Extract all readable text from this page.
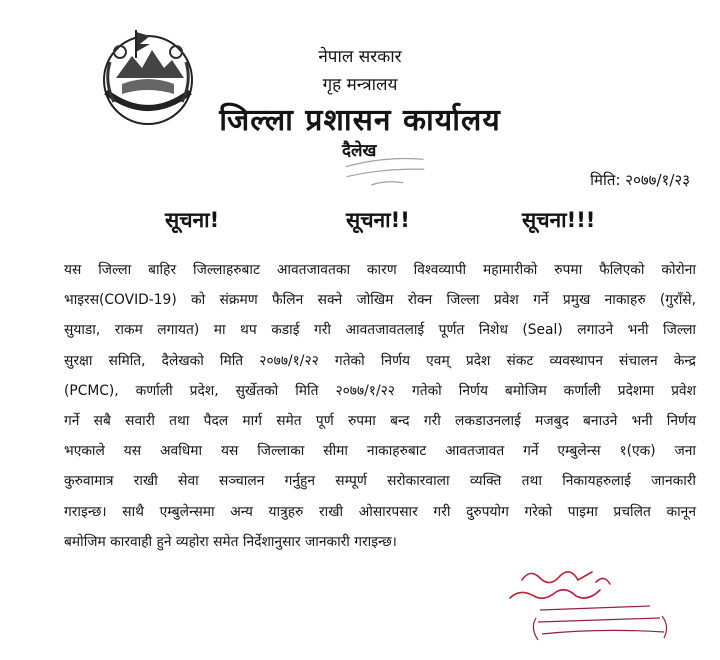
नेपाल सरकार
गृह मन्त्रालय
जिल्ला प्रशासन कार्यालय
दैलेख
मिति: २०७७/१/२३
सूचना!	सूचना!!	सूचना!!!
यस जिल्ला बाहिर जिल्लाहरुबाट आवतजावतका कारण विश्वव्यापी महामारीको रुपमा फैलिएको कोरोना
भाइरस(COVID-19) को संक्रमण फैलिन सक्ने जोखिम रोक्न जिल्ला प्रवेश गर्ने प्रमुख नाकाहरु (गुराँसे,
सुयाडा, राकम लगायत) मा थप कडाई गरी आवतजावतलाई पूर्णत निशेध (Seal) लगाउने भनी जिल्ला
सुरक्षा समिति, दैलेखको मिति २०७७/१/२२ गतेको निर्णय एवम् प्रदेश संकट व्यवस्थापन संचालन केन्द्र
(PCMC), कर्णाली प्रदेश, सुर्खेतको मिति २०७७/१/२२ गतेको निर्णय बमोजिम कर्णाली प्रदेशमा प्रवेश
गर्ने सबै सवारी तथा पैदल मार्ग समेत पूर्ण रुपमा बन्द गरी लकडाउनलाई मजबुद बनाउने भनी निर्णय
भएकाले यस अवधिमा यस जिल्लाका सीमा नाकाहरुबाट आवतजावत गर्ने एम्बुलेन्स १(एक) जना
कुरुवामात्र राखी सेवा सञ्चालन गर्नुहुन सम्पूर्ण सरोकारवाला व्यक्ति तथा निकायहरुलाई जानकारी
गराइन्छ। साथै एम्बुलेन्समा अन्य यात्रुहरु राखी ओसारपसार गरी दुरुपयोग गरेको पाइमा प्रचलित कानून
बमोजिम कारवाही हुने व्यहोरा समेत निर्देशानुसार जानकारी गराइन्छ।
